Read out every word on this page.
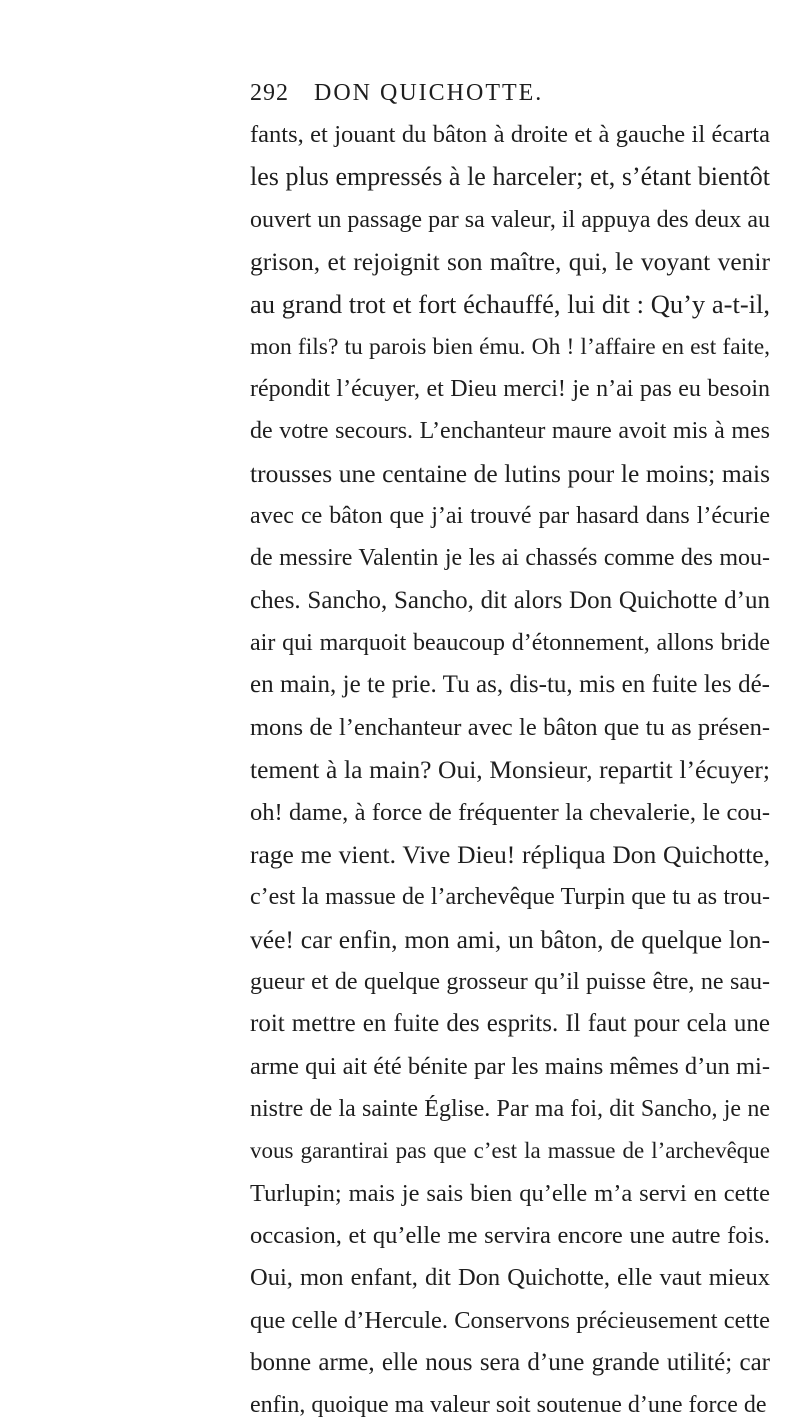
292 DON QUICHOTTE.
fants, et jouant du bâton à droite et à gauche il écarta
les plus empressés à le harceler; et, s’étant bientôt
ouvert un passage par sa valeur, il appuya des deux au
grison, et rejoignit son maître, qui, le voyant venir
au grand trot et fort échauffé, lui dit : Qu’y a-t-il,
mon fils? tu parois bien ému. Oh ! l’affaire en est faite,
répondit l’écuyer, et Dieu merci! je n’ai pas eu besoin
de votre secours. L’enchanteur maure avoit mis à mes
trousses une centaine de lutins pour le moins; mais
avec ce bâton que j’ai trouvé par hasard dans l’écurie
de messire Valentin je les ai chassés comme des mou-
ches. Sancho, Sancho, dit alors Don Quichotte d’un
air qui marquoit beaucoup d’étonnement, allons bride
en main, je te prie. Tu as, dis-tu, mis en fuite les dé-
mons de l’enchanteur avec le bâton que tu as présen-
tement à la main? Oui, Monsieur, repartit l’écuyer;
oh! dame, à force de fréquenter la chevalerie, le cou-
rage me vient. Vive Dieu! répliqua Don Quichotte,
c’est la massue de l’archevêque Turpin que tu as trou-
vée! car enfin, mon ami, un bâton, de quelque lon-
gueur et de quelque grosseur qu’il puisse être, ne sau-
roit mettre en fuite des esprits. Il faut pour cela une
arme qui ait été bénite par les mains mêmes d’un mi-
nistre de la sainte Église. Par ma foi, dit Sancho, je ne
vous garantirai pas que c’est la massue de l’archevêque
Turlupin; mais je sais bien qu’elle m’a servi en cette
occasion, et qu’elle me servira encore une autre fois.
Oui, mon enfant, dit Don Quichotte, elle vaut mieux
que celle d’Hercule. Conservons précieusement cette
bonne arme, elle nous sera d’une grande utilité; car
enfin, quoique ma valeur soit soutenue d’une force de
